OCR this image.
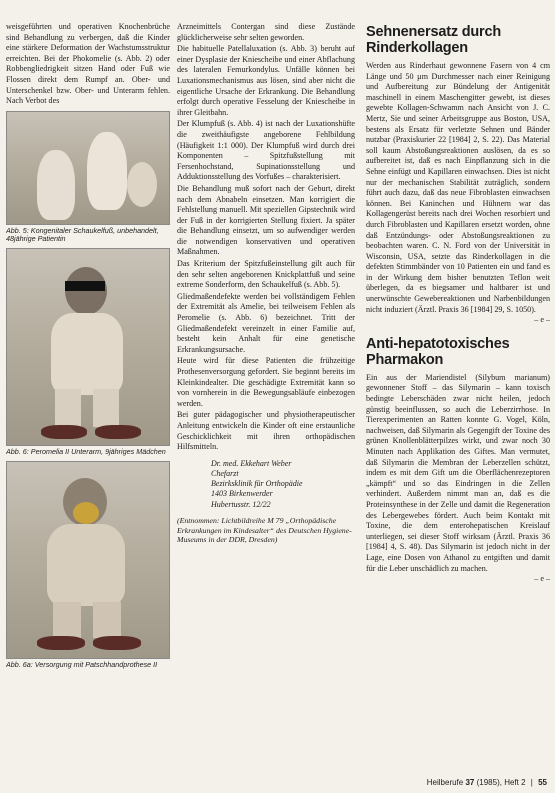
weisgeführten und operativen Knochenbrüche sind Behandlung zu verbergen, daß die Kinder eine stärkere Deformation der Wachstumsstruktur erreichten. Bei der Phokomelie (s. Abb. 2) oder Robbengliedrigkeit sitzen Hand oder Fuß wie Flossen direkt dem Rumpf an. Ober- und Unterschenkel bzw. Ober- und Unterarm fehlen. Nach Verbot des

Abb. 5: Kongenitaler Schaukelfuß, unbehandelt, 48jährige Patientin

Abb. 6: Peromelia II Unterarm, 9jähriges Mädchen

Abb. 6a: Versorgung mit Patschhandprothese II

Arzneimittels Contergan sind diese Zustände glücklicherweise sehr selten geworden.

Die habituelle Patellaluxation (s. Abb. 3) beruht auf einer Dysplasie der Kniescheibe und einer Abflachung des lateralen Femurkondylus. Unfälle können bei Luxationsmechanismus aus lösen, sind aber nicht die eigentliche Ursache der Erkrankung. Die Behandlung erfolgt durch operative Fesselung der Kniescheibe in ihrer Gleitbahn.

Der Klumpfuß (s. Abb. 4) ist nach der Luxationshüfte die zweithäufigste angeborene Fehlbildung (Häufigkeit 1:1 000). Der Klumpfuß wird durch drei Komponenten – Spitzfußstellung mit Fersenhochstand, Supinationsstellung und Adduktionsstellung des Vorfußes – charakterisiert.

Die Behandlung muß sofort nach der Geburt, direkt nach dem Abnabeln einsetzen. Man korrigiert die Fehlstellung manuell. Mit speziellen Gipstechnik wird der Fuß in der korrigierten Stellung fixiert. Ja später die Behandlung einsetzt, um so aufwendiger werden die notwendigen konservativen und operativen Maßnahmen.

Das Kriterium der Spitzfußeinstellung gilt auch für den sehr selten angeborenen Knickplattfuß und seine extreme Sonderform, den Schaukelfuß (s. Abb. 5).

Gliedmaßendefekte werden bei vollständigem Fehlen der Extremität als Amelie, bei teilweisem Fehlen als Peromelie (s. Abb. 6) bezeichnet. Tritt der Gliedmaßendefekt vereinzelt in einer Familie auf, besteht kein Anhalt für eine genetische Erkrankungsursache.

Heute wird für diese Patienten die frühzeitige Prothesenversorgung gefordert. Sie beginnt bereits im Kleinkindealter. Die geschädigte Extremität kann so von vornherein in die Bewegungsabläufe einbezogen werden.

Bei guter pädagogischer und physiotherapeutischer Anleitung entwickeln die Kinder oft eine erstaunliche Geschicklichkeit mit ihren orthopädischen Hilfsmitteln.

Dr. med. Ekkehart Weber
Chefarzt
Bezirksklinik für Orthopädie
1403 Birkenwerder
Hubertusstr. 12/22

(Entnommen: Lichtbildreihe M 79 „Orthopädische Erkrankungen im Kindesalter“ des Deutschen Hygiene-Museums in der DDR, Dresden)

Sehnenersatz durch Rinderkollagen

Werden aus Rinderhaut gewonnene Fasern von 4 cm Länge und 50 µm Durchmesser nach einer Reinigung und Aufbereitung zur Bündelung der Antigenität maschinell in einem Maschengitter gewebt, ist dieses gewebte Kollagen-Schwamm nach Ansicht von J. C. Mertz, Sie und seiner Arbeitsgruppe aus Boston, USA, bestens als Ersatz für verletzte Sehnen und Bänder nutzbar (Praxiskurier 22 [1984] 2, S. 22). Das Material soll kaum Abstoßungsreaktionen auslösen, da es so aufbereitet ist, daß es nach Einpflanzung sich in die Sehne einfügt und Kapillaren einwachsen. Dies ist nicht nur der mechanischen Stabilität zuträglich, sondern führt auch dazu, daß das neue Fibroblasten einwachsen können. Bei Kaninchen und Hühnern war das Kollagengerüst bereits nach drei Wochen resorbiert und durch Fibroblasten und Kapillaren ersetzt worden, ohne daß Entzündungs- oder Abstoßungsreaktionen zu beobachten waren. C. N. Ford von der Universität in Wisconsin, USA, setzte das Rinderkollagen in die defekten Stimmbänder von 10 Patienten ein und fand es in der Wirkung dem bisher benutzten Teflon weit überlegen, da es biegsamer und haltbarer ist und unerwünschte Gewebereaktionen und Narbenbildungen nicht induziert (Ärztl. Praxis 36 [1984] 29, S. 1050).

– e –

Anti-hepatotoxisches Pharmakon

Ein aus der Mariendistel (Silybum marianum) gewonnener Stoff – das Silymarin – kann toxisch bedingte Leberschäden zwar nicht heilen, jedoch günstig beeinflussen, so auch die Leberzirrhose. In Tierexperimenten an Ratten konnte G. Vogel, Köln, nachweisen, daß Silymarin als Gegengift der Toxine des grünen Knollenblätterpilzes wirkt, und zwar noch 30 Minuten nach Applikation des Giftes. Man vermutet, daß Silymarin die Membran der Leberzellen schützt, indem es mit dem Gift um die Oberflächenrezeptoren „kämpft“ und so das Eindringen in die Zellen verhindert. Außerdem nimmt man an, daß es die Proteinsynthese in der Zelle und damit die Regeneration des Lebergewebes fördert. Auch beim Kontakt mit Toxine, die dem enterohepatischen Kreislauf unterliegen, sei dieser Stoff wirksam (Ärztl. Praxis 36 [1984] 4, S. 48). Das Silymarin ist jedoch nicht in der Lage, eine Dosen von Athanol zu entgiften und damit für die Leber unschädlich zu machen.

– e –

Heilberufe 37 (1985), Heft 2 | 55
